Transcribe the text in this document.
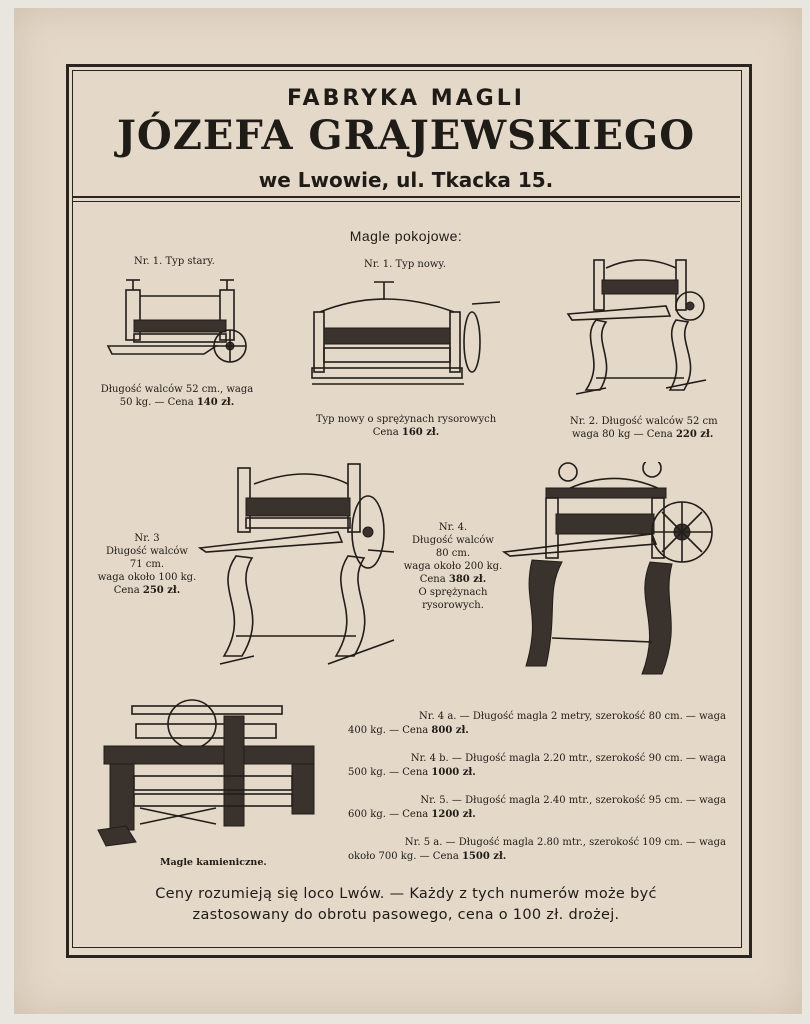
FABRYKA MAGLI
JÓZEFA GRAJEWSKIEGO
we Lwowie, ul. Tkacka 15.
Magle pokojowe:
Nr. 1. Typ stary.
Długość walców 52 cm., waga
50 kg. — Cena 140 zł.
Nr. 1. Typ nowy.
Typ nowy o sprężynach rysorowych
Cena 160 zł.
Nr. 2. Długość walców 52 cm
waga 80 kg — Cena 220 zł.
Nr. 3
Długość walców
71 cm.
waga około 100 kg.
Cena 250 zł.
Nr. 4.
Długość walców
80 cm.
waga około 200 kg.
Cena 380 zł.
O sprężynach
rysorowych.
Magle kamieniczne.
Nr. 4 a. — Długość magla 2 metry, szerokość 80 cm. — waga
400 kg. — Cena 800 zł.
Nr. 4 b. — Długość magla 2.20 mtr., szerokość 90 cm. — waga
500 kg. — Cena 1000 zł.
Nr. 5. — Długość magla 2.40 mtr., szerokość 95 cm. — waga
600 kg. — Cena 1200 zł.
Nr. 5 a. — Długość magla 2.80 mtr., szerokość 109 cm. — waga
około 700 kg. — Cena 1500 zł.
Ceny rozumieją się loco Lwów. — Każdy z tych numerów może być
zastosowany do obrotu pasowego, cena o 100 zł. drożej.
